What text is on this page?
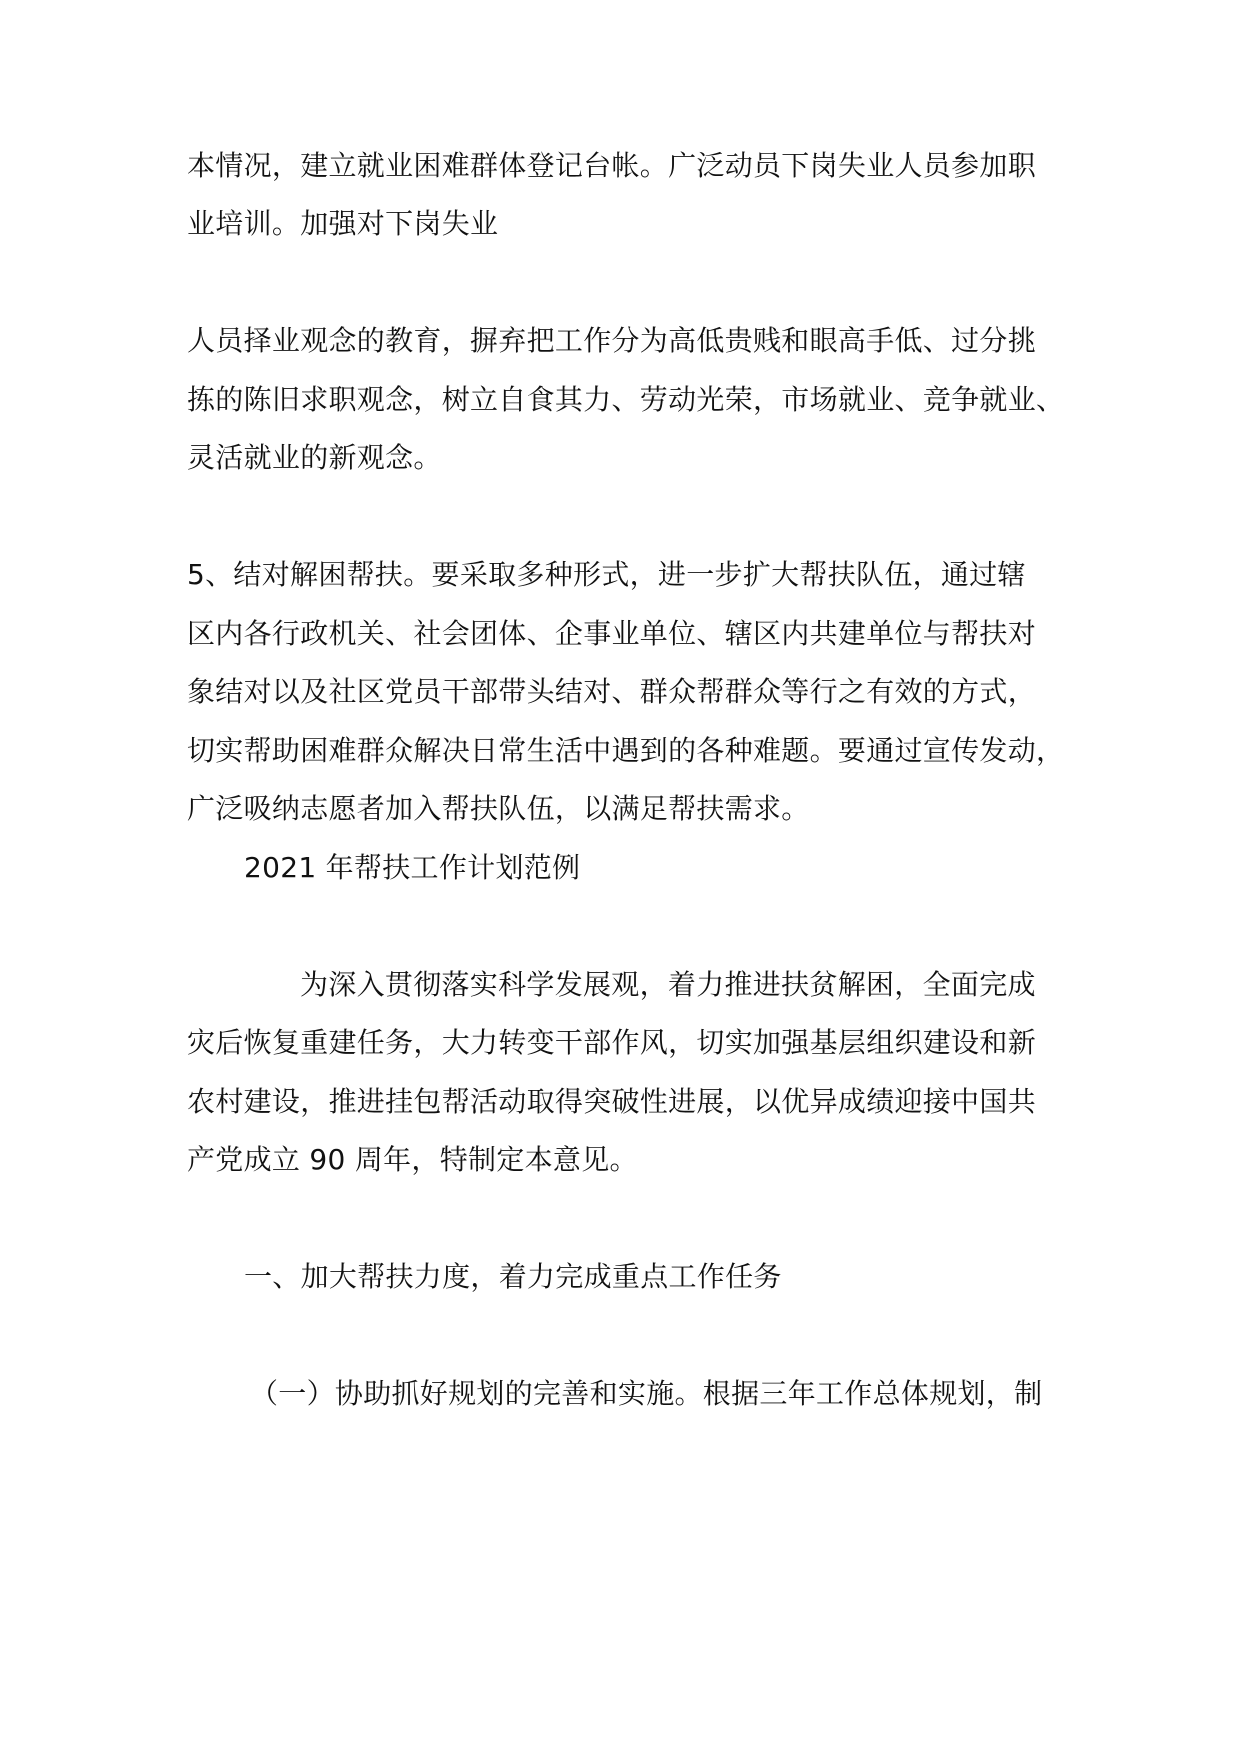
本情况，建立就业困难群体登记台帐。广泛动员下岗失业人员参加职
业培训。加强对下岗失业
人员择业观念的教育，摒弃把工作分为高低贵贱和眼高手低、过分挑
拣的陈旧求职观念，树立自食其力、劳动光荣，市场就业、竞争就业、
灵活就业的新观念。
5、结对解困帮扶。要采取多种形式，进一步扩大帮扶队伍，通过辖
区内各行政机关、社会团体、企事业单位、辖区内共建单位与帮扶对
象结对以及社区党员干部带头结对、群众帮群众等行之有效的方式，
切实帮助困难群众解决日常生活中遇到的各种难题。要通过宣传发动，
广泛吸纳志愿者加入帮扶队伍，以满足帮扶需求。
2021 年帮扶工作计划范例
为深入贯彻落实科学发展观，着力推进扶贫解困，全面完成
灾后恢复重建任务，大力转变干部作风，切实加强基层组织建设和新
农村建设，推进挂包帮活动取得突破性进展，以优异成绩迎接中国共
产党成立 90 周年，特制定本意见。
一、加大帮扶力度，着力完成重点工作任务
（一）协助抓好规划的完善和实施。根据三年工作总体规划，制
